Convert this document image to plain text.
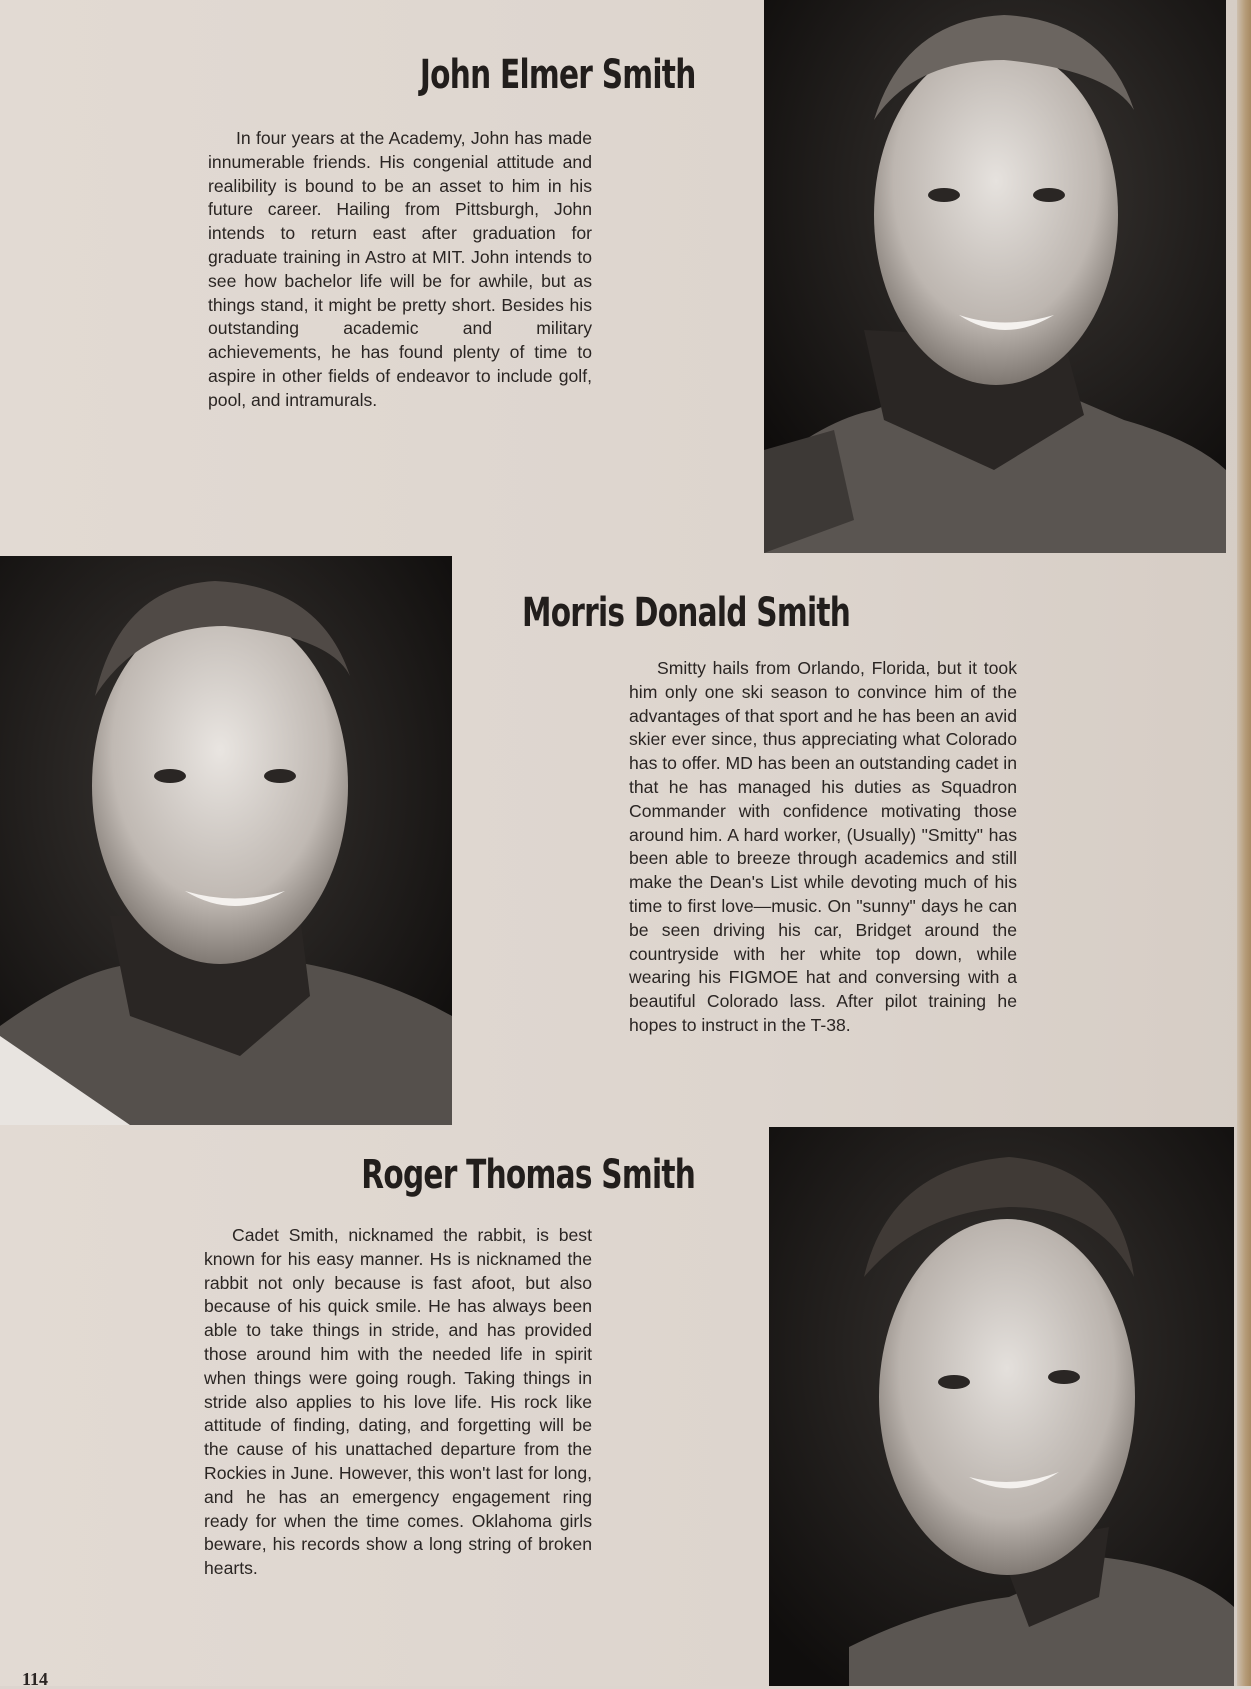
John Elmer Smith

In four years at the Academy, John has made innumerable friends. His congenial attitude and realibility is bound to be an asset to him in his future career. Hailing from Pittsburgh, John intends to return east after graduation for graduate training in Astro at MIT. John intends to see how bachelor life will be for awhile, but as things stand, it might be pretty short. Besides his outstanding academic and military achievements, he has found plenty of time to aspire in other fields of endeavor to include golf, pool, and intramurals.

Morris Donald Smith

Smitty hails from Orlando, Florida, but it took him only one ski season to convince him of the advantages of that sport and he has been an avid skier ever since, thus appreciating what Colorado has to offer. MD has been an outstanding cadet in that he has managed his duties as Squadron Commander with confidence motivating those around him. A hard worker, (Usually) "Smitty" has been able to breeze through academics and still make the Dean's List while devoting much of his time to first love—music. On "sunny" days he can be seen driving his car, Bridget around the countryside with her white top down, while wearing his FIGMOE hat and conversing with a beautiful Colorado lass. After pilot training he hopes to instruct in the T-38.

Roger Thomas Smith

Cadet Smith, nicknamed the rabbit, is best known for his easy manner. Hs is nicknamed the rabbit not only because is fast afoot, but also because of his quick smile. He has always been able to take things in stride, and has provided those around him with the needed life in spirit when things were going rough. Taking things in stride also applies to his love life. His rock like attitude of finding, dating, and forgetting will be the cause of his unattached departure from the Rockies in June. However, this won't last for long, and he has an emergency engagement ring ready for when the time comes. Oklahoma girls beware, his records show a long string of broken hearts.

114
